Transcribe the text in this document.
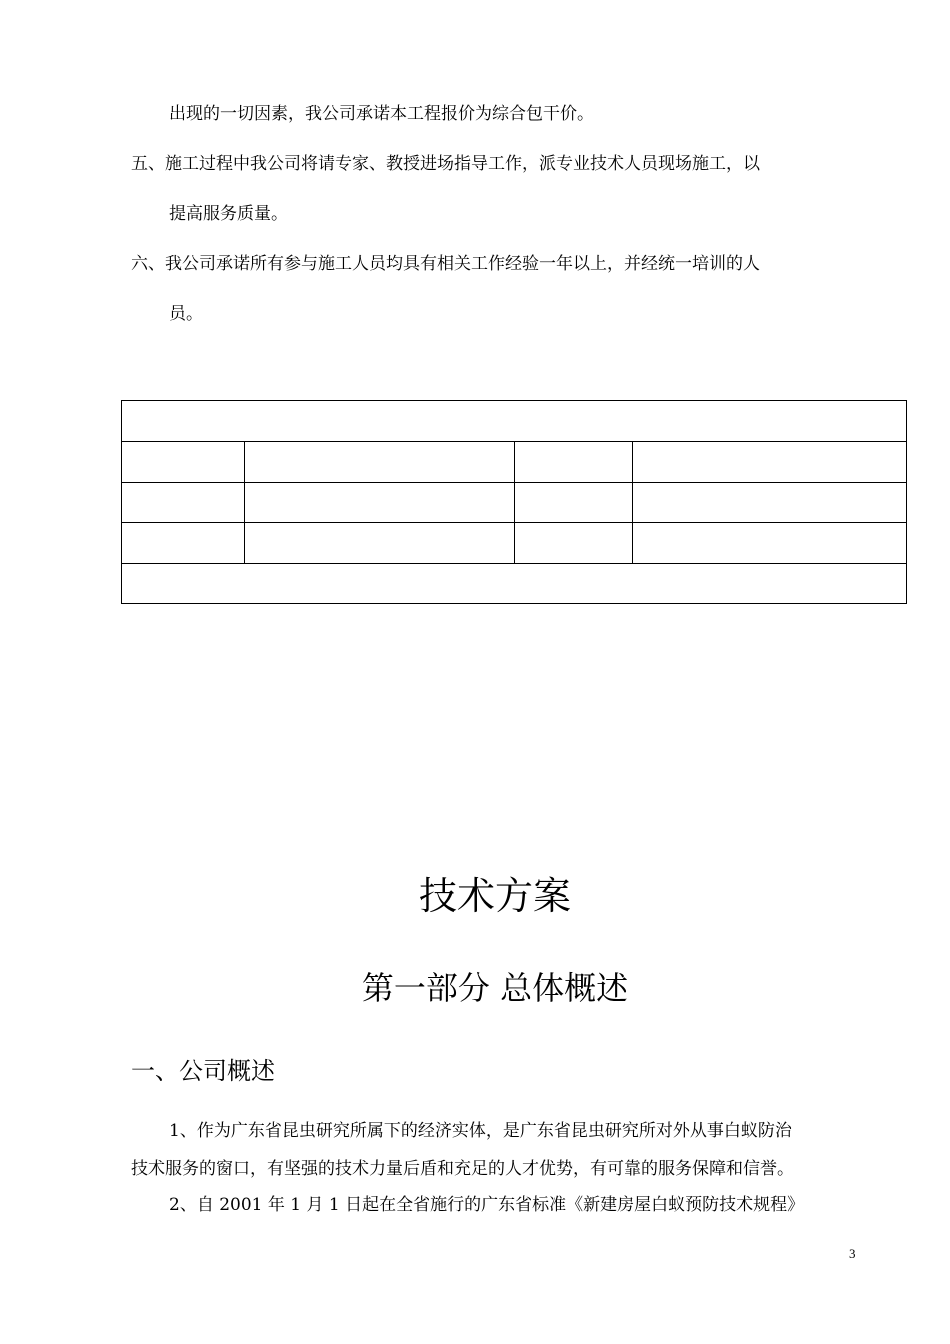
出现的一切因素，我公司承诺本工程报价为综合包干价。
五、施工过程中我公司将请专家、教授进场指导工作，派专业技术人员现场施工，以
提高服务质量。
六、我公司承诺所有参与施工人员均具有相关工作经验一年以上，并经统一培训的人
员。
技术方案
第一部分 总体概述
一、公司概述
1、作为广东省昆虫研究所属下的经济实体，是广东省昆虫研究所对外从事白蚁防治
技术服务的窗口，有坚强的技术力量后盾和充足的人才优势，有可靠的服务保障和信誉。
2、自 2001 年 1 月 1 日起在全省施行的广东省标准《新建房屋白蚁预防技术规程》
3
